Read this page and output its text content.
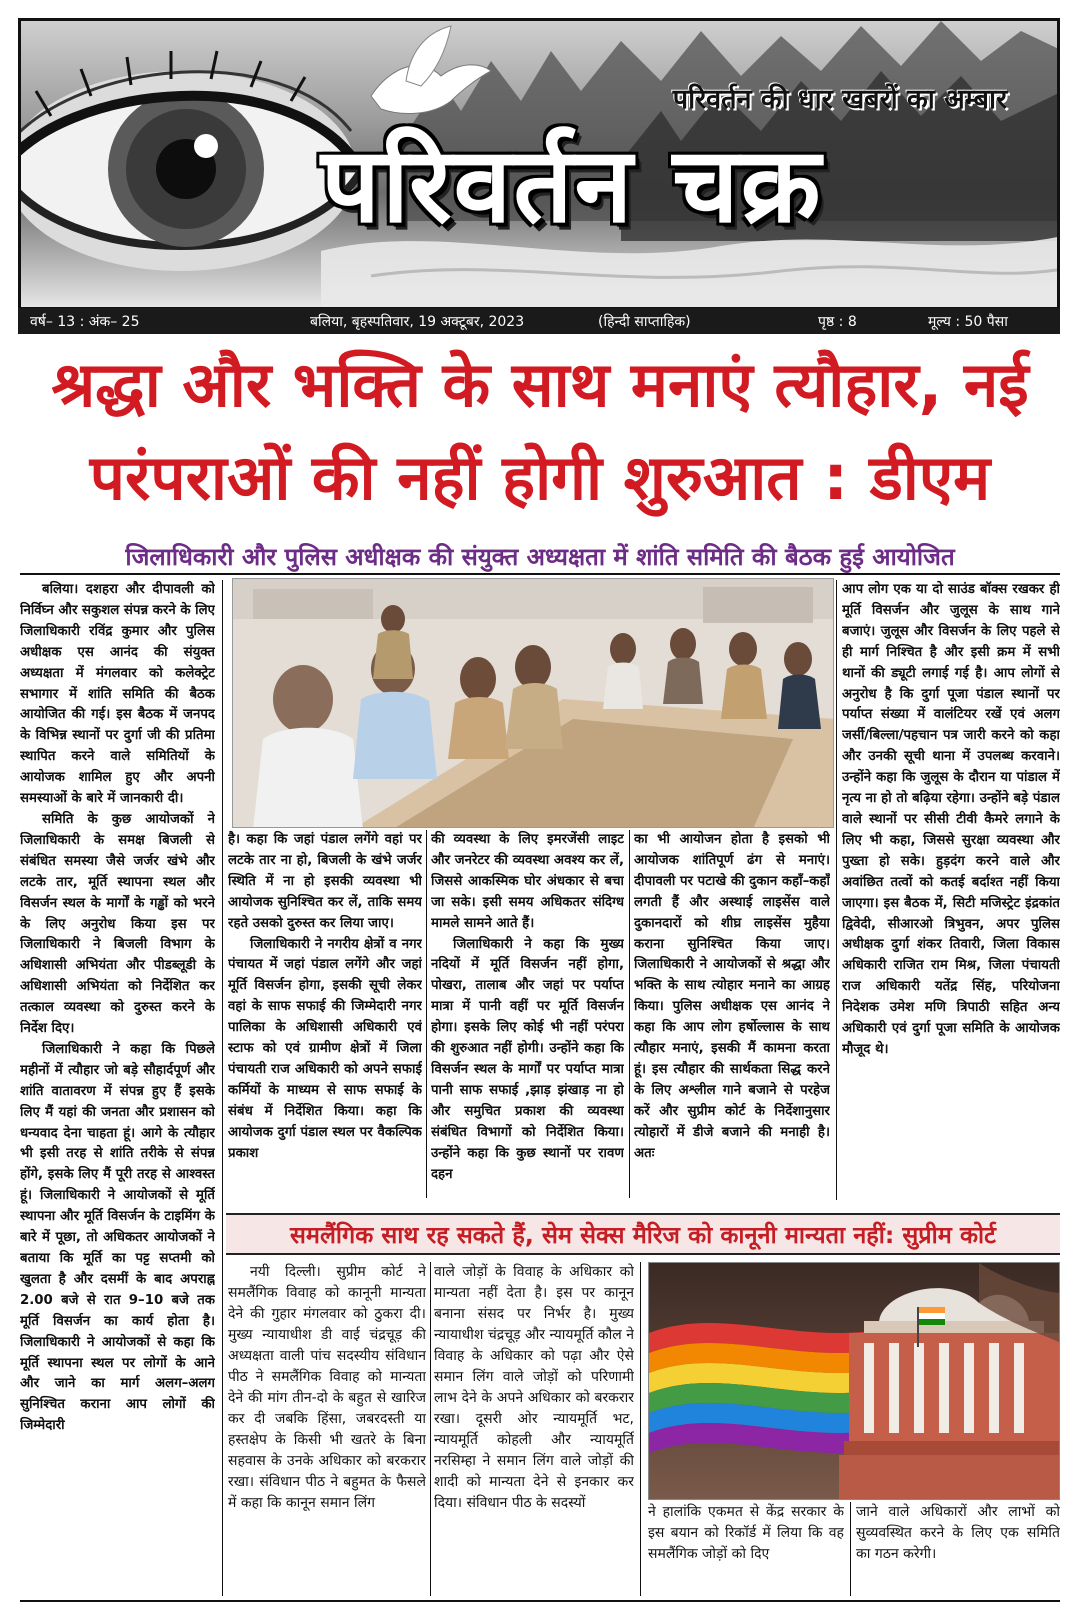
परिवर्तन की धार खबरों का अम्बार
परिवर्तन चक्र
वर्ष– 13 : अंक– 25	बलिया, बृहस्पतिवार, 19 अक्टूबर, 2023	(हिन्दी साप्ताहिक)	पृष्ठ : 8	मूल्य : 50 पैसा
श्रद्धा और भक्ति के साथ मनाएं त्यौहार, नई परंपराओं की नहीं होगी शुरुआत : डीएम
जिलाधिकारी और पुलिस अधीक्षक की संयुक्त अध्यक्षता में शांति समिति की बैठक हुई आयोजित

बलिया। दशहरा और दीपावली को निर्विघ्न और सकुशल संपन्न करने के लिए जिलाधिकारी रविंद्र कुमार और पुलिस अधीक्षक एस आनंद की संयुक्त अध्यक्षता में मंगलवार को कलेक्ट्रेट सभागार में शांति समिति की बैठक आयोजित की गई। इस बैठक में जनपद के विभिन्न स्थानों पर दुर्गा जी की प्रतिमा स्थापित करने वाले समितियों के आयोजक शामिल हुए और अपनी समस्याओं के बारे में जानकारी दी।

समिति के कुछ आयोजकों ने जिलाधिकारी के समक्ष बिजली से संबंधित समस्या जैसे जर्जर खंभे और लटके तार, मूर्ति स्थापना स्थल और विसर्जन स्थल के मार्गों के गड्ढों को भरने के लिए अनुरोध किया इस पर जिलाधिकारी ने बिजली विभाग के अधिशासी अभियंता और पीडब्लूडी के अधिशासी अभियंता को निर्देशित कर तत्काल व्यवस्था को दुरुस्त करने के निर्देश दिए।

जिलाधिकारी ने कहा कि पिछले महीनों में त्यौहार जो बड़े सौहार्दपूर्ण और शांति वातावरण में संपन्न हुए हैं इसके लिए मैं यहां की जनता और प्रशासन को धन्यवाद देना चाहता हूं। आगे के त्यौहार भी इसी तरह से शांति तरीके से संपन्न होंगे, इसके लिए मैं पूरी तरह से आश्वस्त हूं। जिलाधिकारी ने आयोजकों से मूर्ति स्थापना और मूर्ति विसर्जन के टाइमिंग के बारे में पूछा, तो अधिकतर आयोजकों ने बताया कि मूर्ति का पट्ट सप्तमी को खुलता है और दसमीं के बाद अपराह्न 2.00 बजे से रात 9–10 बजे तक मूर्ति विसर्जन का कार्य होता है। जिलाधिकारी ने आयोजकों से कहा कि मूर्ति स्थापना स्थल पर लोगों के आने और जाने का मार्ग अलग–अलग सुनिश्चित कराना आप लोगों की जिम्मेदारी

है। कहा कि जहां पंडाल लगेंगे वहां पर लटके तार ना हो, बिजली के खंभे जर्जर स्थिति में ना हो इसकी व्यवस्था भी आयोजक सुनिश्चित कर लें, ताकि समय रहते उसको दुरुस्त कर लिया जाए।

जिलाधिकारी ने नगरीय क्षेत्रों व नगर पंचायत में जहां पंडाल लगेंगे और जहां मूर्ति विसर्जन होगा, इसकी सूची लेकर वहां के साफ सफाई की जिम्मेदारी नगर पालिका के अधिशासी अधिकारी एवं स्टाफ को एवं ग्रामीण क्षेत्रों में जिला पंचायती राज अधिकारी को अपने सफाई कर्मियों के माध्यम से साफ सफाई के संबंध में निर्देशित किया। कहा कि आयोजक दुर्गा पंडाल स्थल पर वैकल्पिक प्रकाश

की व्यवस्था के लिए इमरजेंसी लाइट और जनरेटर की व्यवस्था अवश्य कर लें, जिससे आकस्मिक घोर अंधकार से बचा जा सके। इसी समय अधिकतर संदिग्ध मामले सामने आते हैं।

जिलाधिकारी ने कहा कि मुख्य नदियों में मूर्ति विसर्जन नहीं होगा, पोखरा, तालाब और जहां पर पर्याप्त मात्रा में पानी वहीं पर मूर्ति विसर्जन होगा। इसके लिए कोई भी नहीं परंपरा की शुरुआत नहीं होगी। उन्होंने कहा कि विसर्जन स्थल के मार्गों पर पर्याप्त मात्रा पानी साफ सफाई ,झाड़ झंखाड़ ना हो और समुचित प्रकाश की व्यवस्था संबंधित विभागों को निर्देशित किया। उन्होंने कहा कि कुछ स्थानों पर रावण दहन

का भी आयोजन होता है इसको भी आयोजक शांतिपूर्ण ढंग से मनाएं। दीपावली पर पटाखे की दुकान कहाँ–कहाँ लगती हैं और अस्थाई लाइसेंस वाले दुकानदारों को शीघ्र लाइसेंस मुहैया कराना सुनिश्चित किया जाए। जिलाधिकारी ने आयोजकों से श्रद्धा और भक्ति के साथ त्योहार मनाने का आग्रह किया। पुलिस अधीक्षक एस आनंद ने कहा कि आप लोग हर्षोल्लास के साथ त्यौहार मनाएं, इसकी मैं कामना करता हूं। इस त्यौहार की सार्थकता सिद्ध करने के लिए अश्लील गाने बजाने से परहेज करें और सुप्रीम कोर्ट के निर्देशानुसार त्योहारों में डीजे बजाने की मनाही है। अतः

आप लोग एक या दो साउंड बॉक्स रखकर ही मूर्ति विसर्जन और जुलूस के साथ गाने बजाएं। जुलूस और विसर्जन के लिए पहले से ही मार्ग निश्चित है और इसी क्रम में सभी थानों की ड्यूटी लगाई गई है। आप लोगों से अनुरोध है कि दुर्गा पूजा पंडाल स्थानों पर पर्याप्त संख्या में वालंटियर रखें एवं अलग जर्सी/बिल्ला/पहचान पत्र जारी करने को कहा और उनकी सूची थाना में उपलब्ध करवाने। उन्होंने कहा कि जुलूस के दौरान या पांडाल में नृत्य ना हो तो बढ़िया रहेगा। उन्होंने बड़े पंडाल वाले स्थानों पर सीसी टीवी कैमरे लगाने के लिए भी कहा, जिससे सुरक्षा व्यवस्था और पुख्ता हो सके। हुड़दंग करने वाले और अवांछित तत्वों को कतई बर्दाश्त नहीं किया जाएगा। इस बैठक में, सिटी मजिस्ट्रेट इंद्रकांत द्विवेदी, सीआरओ त्रिभुवन, अपर पुलिस अधीक्षक दुर्गा शंकर तिवारी, जिला विकास अधिकारी राजित राम मिश्र, जिला पंचायती राज अधिकारी यतेंद्र सिंह, परियोजना निदेशक उमेश मणि त्रिपाठी सहित अन्य अधिकारी एवं दुर्गा पूजा समिति के आयोजक मौजूद थे।

समलैंगिक साथ रह सकते हैं, सेम सेक्स मैरिज को कानूनी मान्यता नहीं: सुप्रीम कोर्ट
नयी दिल्ली। सुप्रीम कोर्ट ने समलैंगिक विवाह को कानूनी मान्यता देने की गुहार मंगलवार को ठुकरा दी। मुख्य न्यायाधीश डी वाई चंद्रचूड़ की अध्यक्षता वाली पांच सदस्यीय संविधान पीठ ने समलैंगिक विवाह को मान्यता देने की मांग तीन-दो के बहुत से खारिज कर दी जबकि हिंसा, जबरदस्ती या हस्तक्षेप के किसी भी खतरे के बिना सहवास के उनके अधिकार को बरकरार रखा। संविधान पीठ ने बहुमत के फैसले में कहा कि कानून समान लिंग
वाले जोड़ों के विवाह के अधिकार को मान्यता नहीं देता है। इस पर कानून बनाना संसद पर निर्भर है। मुख्य न्यायाधीश चंद्रचूड़ और न्यायमूर्ति कौल ने विवाह के अधिकार को पढ़ा और ऐसे समान लिंग वाले जोड़ों को परिणामी लाभ देने के अपने अधिकार को बरकरार रखा। दूसरी ओर न्यायमूर्ति भट, न्यायमूर्ति कोहली और न्यायमूर्ति नरसिम्हा ने समान लिंग वाले जोड़ों की शादी को मान्यता देने से इनकार कर दिया। संविधान पीठ के सदस्यों
ने हालांकि एकमत से केंद्र सरकार के इस बयान को रिकॉर्ड में लिया कि वह समलैंगिक जोड़ों को दिए
जाने वाले अधिकारों और लाभों को सुव्यवस्थित करने के लिए एक समिति का गठन करेगी।
